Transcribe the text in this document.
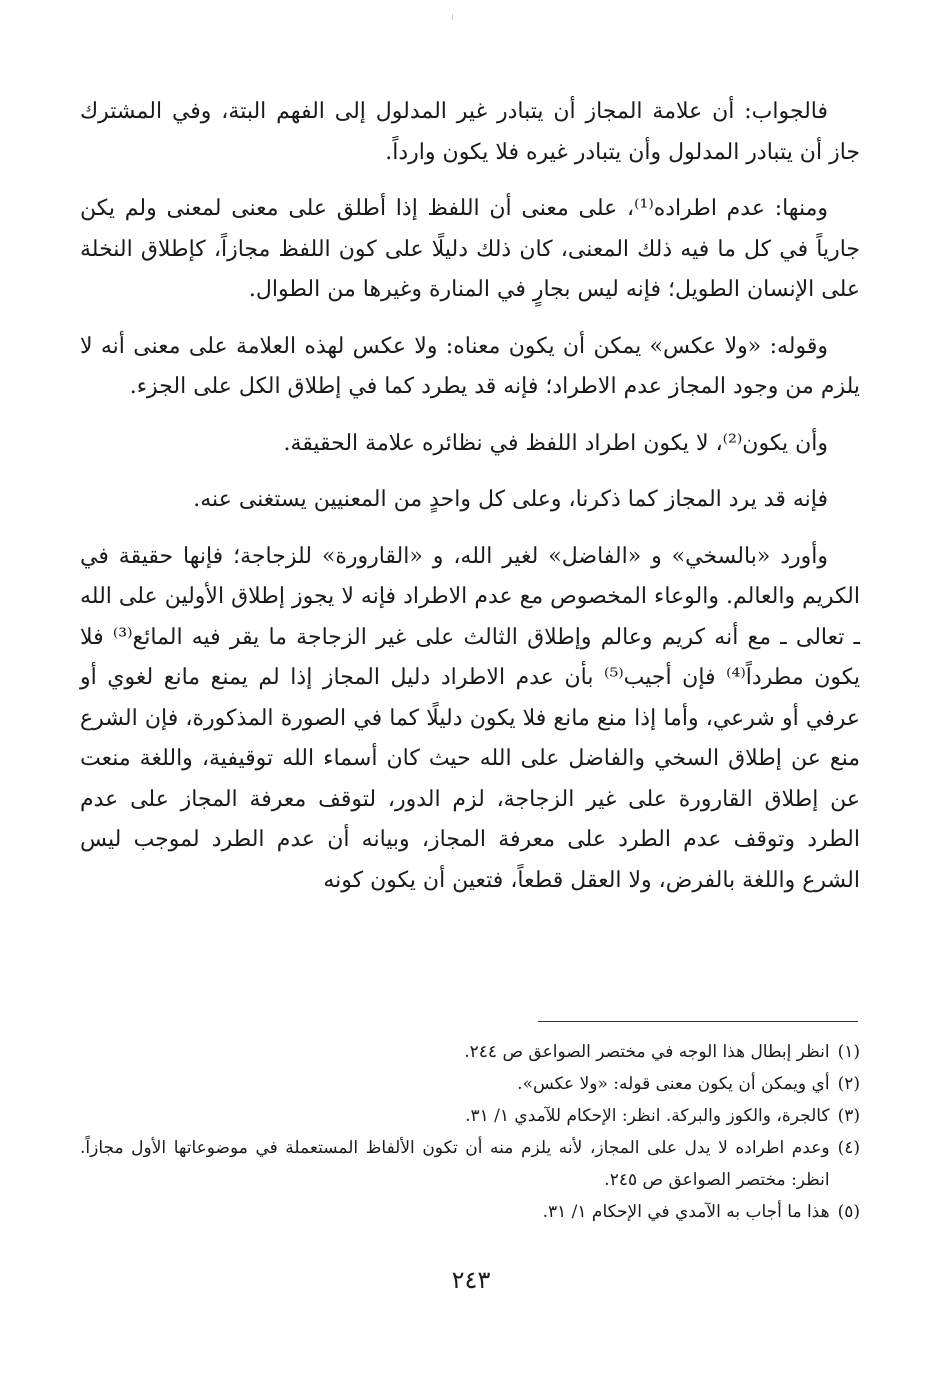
فالجواب: أن علامة المجاز أن يتبادر غير المدلول إلى الفهم البتة، وفي المشترك جاز أن يتبادر المدلول وأن يتبادر غيره فلا يكون وارداً.

ومنها: عدم اطراده⁽¹⁾، على معنى أن اللفظ إذا أطلق على معنى لمعنى ولم يكن جارياً في كل ما فيه ذلك المعنى، كان ذلك دليلًا على كون اللفظ مجازاً، كإطلاق النخلة على الإنسان الطويل؛ فإنه ليس بجارٍ في المنارة وغيرها من الطوال.

وقوله: «ولا عكس» يمكن أن يكون معناه: ولا عكس لهذه العلامة على معنى أنه لا يلزم من وجود المجاز عدم الاطراد؛ فإنه قد يطرد كما في إطلاق الكل على الجزء.

وأن يكون⁽²⁾، لا يكون اطراد اللفظ في نظائره علامة الحقيقة.

فإنه قد يرد المجاز كما ذكرنا، وعلى كل واحدٍ من المعنيين يستغنى عنه.

وأورد «بالسخي» و «الفاضل» لغير الله، و «القارورة» للزجاجة؛ فإنها حقيقة في الكريم والعالم. والوعاء المخصوص مع عدم الاطراد فإنه لا يجوز إطلاق الأولين على الله ـ تعالى ـ مع أنه كريم وعالم وإطلاق الثالث على غير الزجاجة ما يقر فيه المائع⁽³⁾ فلا يكون مطرداً⁽⁴⁾ فإن أجيب⁽⁵⁾ بأن عدم الاطراد دليل المجاز إذا لم يمنع مانع لغوي أو عرفي أو شرعي، وأما إذا منع مانع فلا يكون دليلًا كما في الصورة المذكورة، فإن الشرع منع عن إطلاق السخي والفاضل على الله حيث كان أسماء الله توقيفية، واللغة منعت عن إطلاق القارورة على غير الزجاجة، لزم الدور، لتوقف معرفة المجاز على عدم الطرد وتوقف عدم الطرد على معرفة المجاز، وبيانه أن عدم الطرد لموجب ليس الشرع واللغة بالفرض، ولا العقل قطعاً، فتعين أن يكون كونه

(١)
انظر إبطال هذا الوجه في مختصر الصواعق ص ٢٤٤.
(٢)
أي ويمكن أن يكون معنى قوله: «ولا عكس».
(٣)
كالجرة، والكوز والبركة. انظر: الإحكام للآمدي ١/ ٣١.
(٤)
وعدم اطراده لا يدل على المجاز، لأنه يلزم منه أن تكون الألفاظ المستعملة في موضوعاتها الأول مجازاً. انظر: مختصر الصواعق ص ٢٤٥.
(٥)
هذا ما أجاب به الآمدي في الإحكام ١/ ٣١.
٢٤٣
